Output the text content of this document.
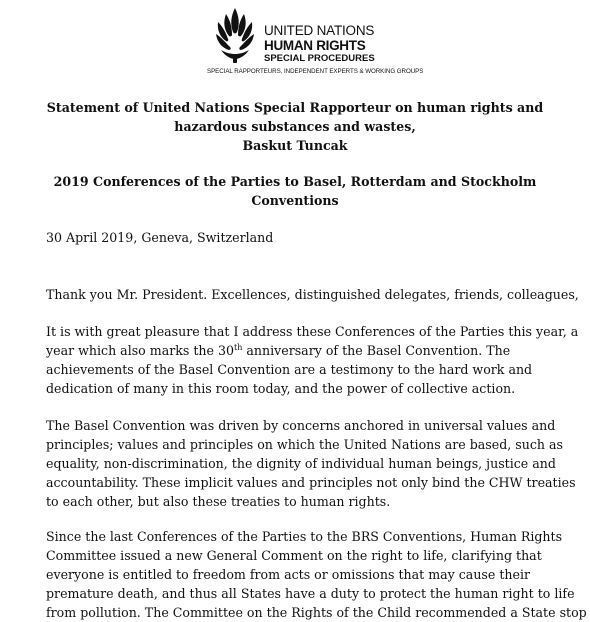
UNITED NATIONS
HUMAN RIGHTS
SPECIAL PROCEDURES
SPECIAL RAPPORTEURS, INDEPENDENT EXPERTS & WORKING GROUPS
Statement of United Nations Special Rapporteur on human rights and
hazardous substances and wastes,
Baskut Tuncak
2019 Conferences of the Parties to Basel, Rotterdam and Stockholm
Conventions
30 April 2019, Geneva, Switzerland
Thank you Mr. President. Excellences, distinguished delegates, friends, colleagues,
It is with great pleasure that I address these Conferences of the Parties this year, a
year which also marks the 30th anniversary of the Basel Convention. The
achievements of the Basel Convention are a testimony to the hard work and
dedication of many in this room today, and the power of collective action.
The Basel Convention was driven by concerns anchored in universal values and
principles; values and principles on which the United Nations are based, such as
equality, non-discrimination, the dignity of individual human beings, justice and
accountability. These implicit values and principles not only bind the CHW treaties
to each other, but also these treaties to human rights.
Since the last Conferences of the Parties to the BRS Conventions, Human Rights
Committee issued a new General Comment on the right to life, clarifying that
everyone is entitled to freedom from acts or omissions that may cause their
premature death, and thus all States have a duty to protect the human right to life
from pollution. The Committee on the Rights of the Child recommended a State stop
